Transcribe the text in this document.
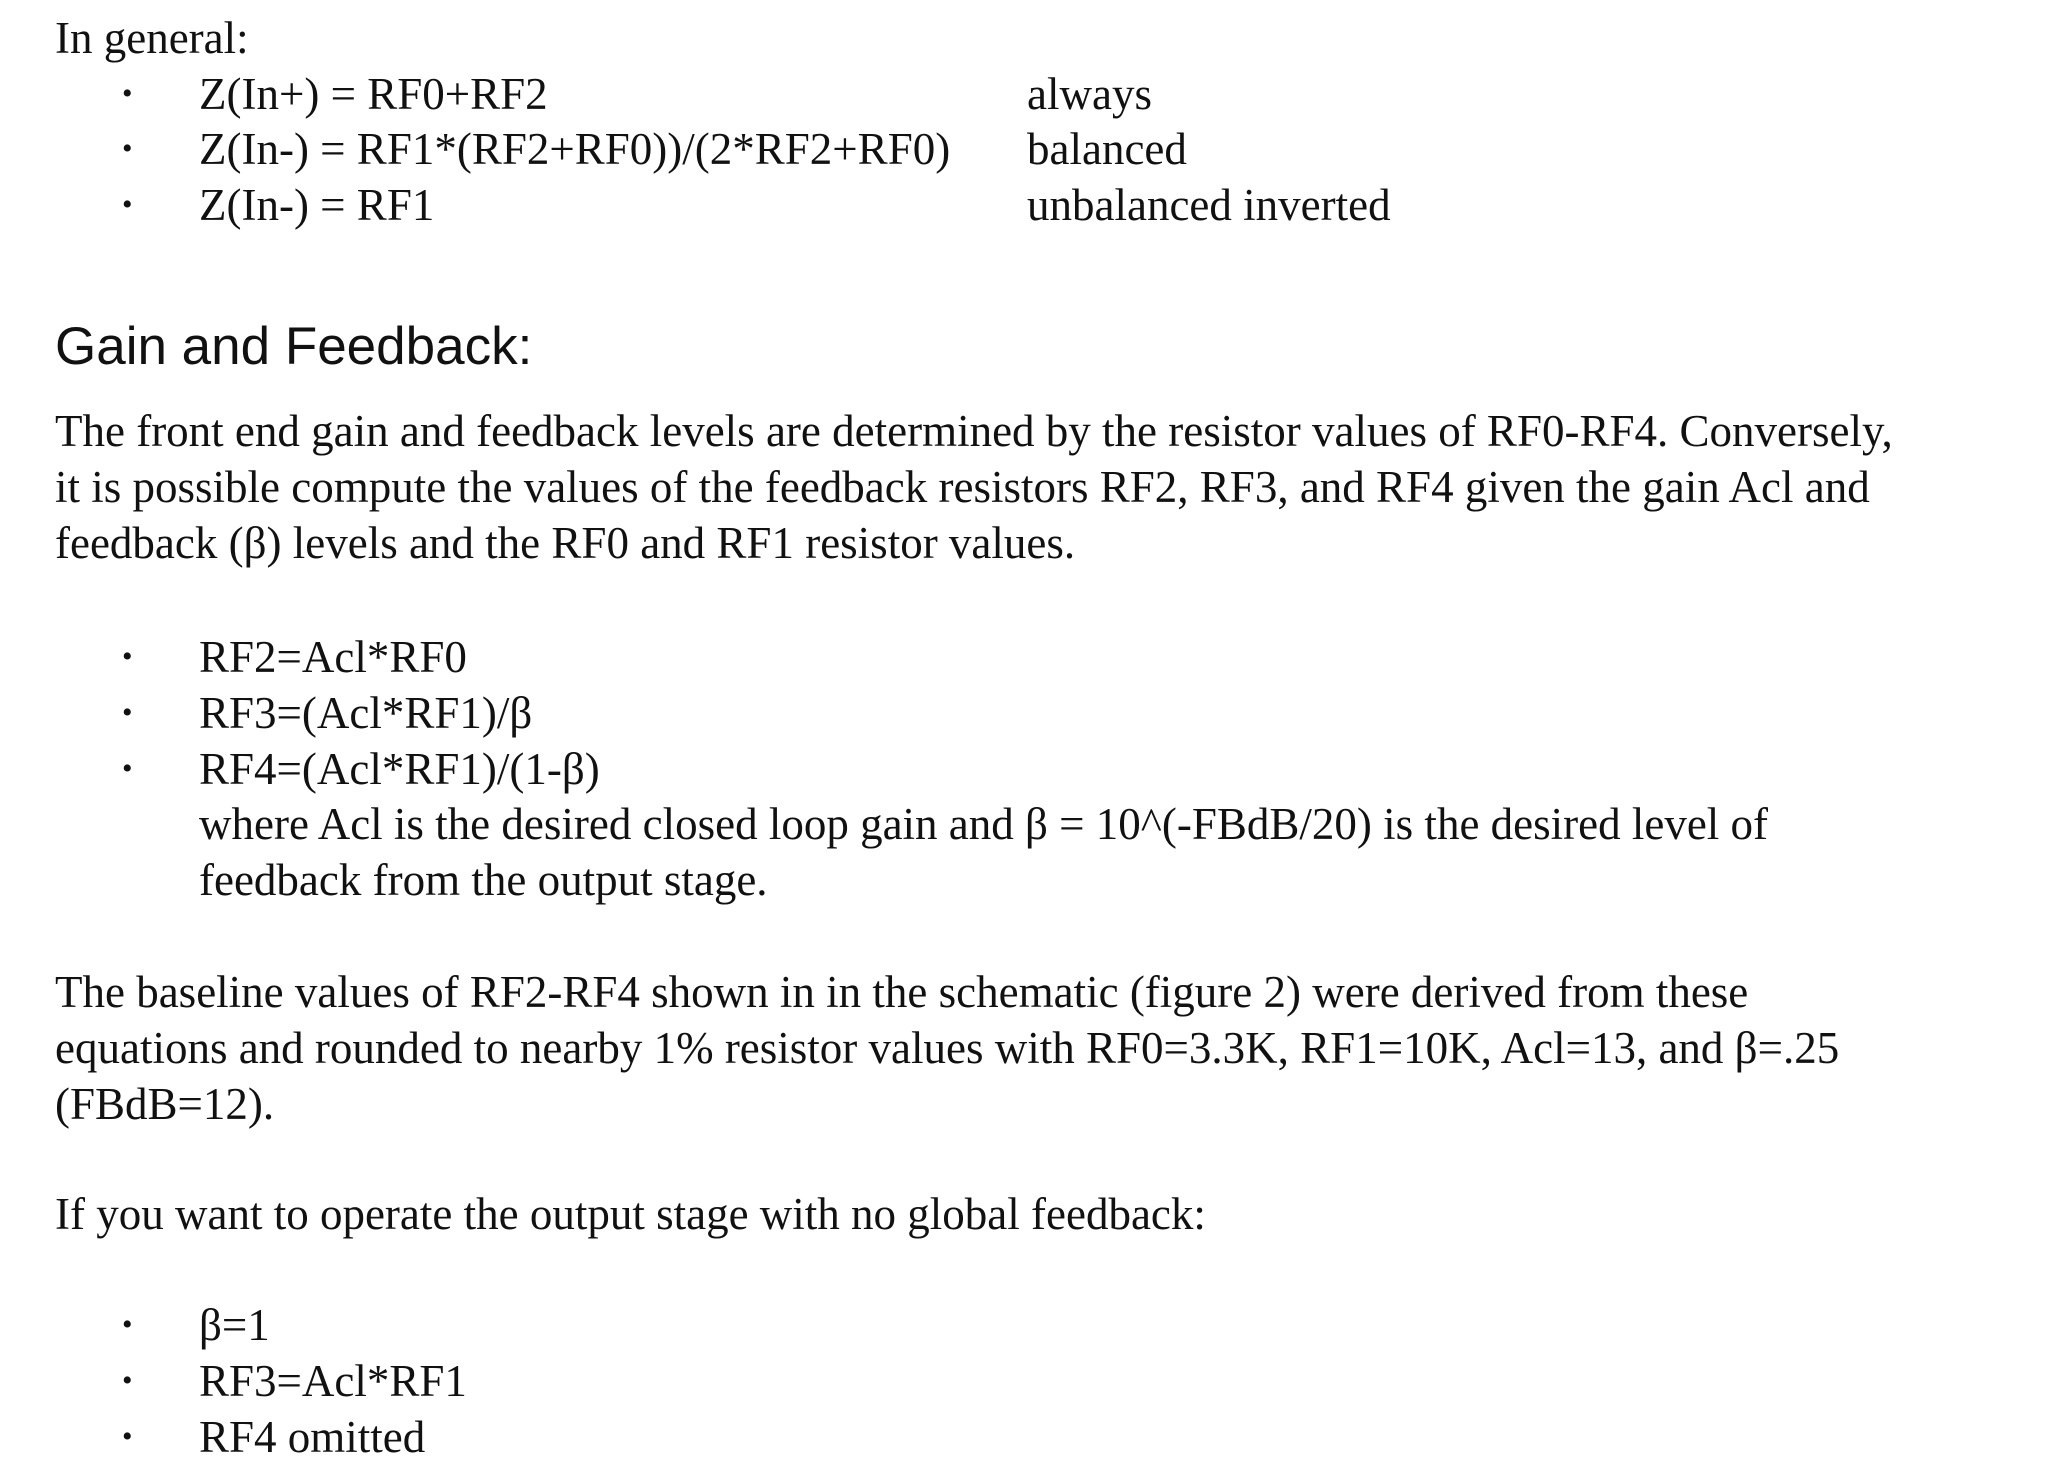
In general:
• Z(In+) = RF0+RF2	always
• Z(In-) = RF1*(RF2+RF0))/(2*RF2+RF0) balanced
• Z(In-) = RF1	unbalanced inverted
Gain and Feedback:

The front end gain and feedback levels are determined by the resistor values of RF0-RF4. Conversely,

it is possible compute the values of the feedback resistors RF2, RF3, and RF4 given the gain Acl and

feedback (β) levels and the RF0 and RF1 resistor values.

• RF2=Acl*RF0
• RF3=(Acl*RF1)/β
• RF4=(Acl*RF1)/(1-β)
where Acl is the desired closed loop gain and β = 10^(-FBdB/20) is the desired level of
feedback from the output stage.

The baseline values of RF2-RF4 shown in in the schematic (figure 2) were derived from these

equations and rounded to nearby 1% resistor values with RF0=3.3K, RF1=10K, Acl=13, and β=.25

(FBdB=12).

If you want to operate the output stage with no global feedback:

• β=1
• RF3=Acl*RF1
• RF4 omitted
